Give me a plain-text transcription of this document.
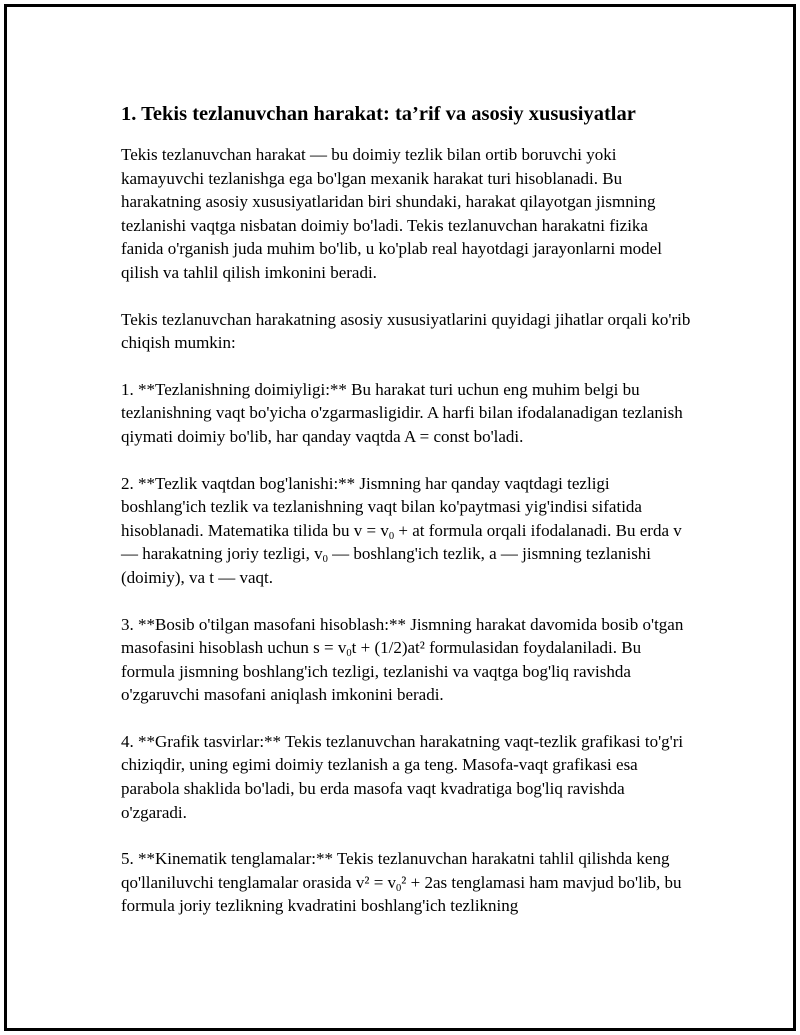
1. Tekis tezlanuvchan harakat: ta’rif va asosiy xususiyatlar

Tekis tezlanuvchan harakat — bu doimiy tezlik bilan ortib boruvchi yoki kamayuvchi tezlanishga ega bo'lgan mexanik harakat turi hisoblanadi. Bu harakatning asosiy xususiyatlaridan biri shundaki, harakat qilayotgan jismning tezlanishi vaqtga nisbatan doimiy bo'ladi. Tekis tezlanuvchan harakatni fizika fanida o'rganish juda muhim bo'lib, u ko'plab real hayotdagi jarayonlarni model qilish va tahlil qilish imkonini beradi.

Tekis tezlanuvchan harakatning asosiy xususiyatlarini quyidagi jihatlar orqali ko'rib chiqish mumkin:

1. **Tezlanishning doimiyligi:** Bu harakat turi uchun eng muhim belgi bu tezlanishning vaqt bo'yicha o'zgarmasligidir. A harfi bilan ifodalanadigan tezlanish qiymati doimiy bo'lib, har qanday vaqtda A = const bo'ladi.

2. **Tezlik vaqtdan bog'lanishi:** Jismning har qanday vaqtdagi tezligi boshlang'ich tezlik va tezlanishning vaqt bilan ko'paytmasi yig'indisi sifatida hisoblanadi. Matematika tilida bu $v = v_0$ + at formula orqali ifodalanadi. Bu erda v — harakatning joriy tezligi, $v_0$ — boshlang'ich tezlik, a — jismning tezlanishi (doimiy), va t — vaqt.

3. **Bosib o'tilgan masofani hisoblash:** Jismning harakat davomida bosib o'tgan masofasini hisoblash uchun $s = v_0t + (1/2)at^2$ formulasidan foydalaniladi. Bu formula jismning boshlang'ich tezligi, tezlanishi va vaqtga bog'liq ravishda o'zgaruvchi masofani aniqlash imkonini beradi.

4. **Grafik tasvirlar:** Tekis tezlanuvchan harakatning vaqt-tezlik grafikasi to'g'ri chiziqdir, uning egimi doimiy tezlanish a ga teng. Masofa-vaqt grafikasi esa parabola shaklida bo'ladi, bu erda masofa vaqt kvadratiga bog'liq ravishda o'zgaradi.

5. **Kinematik tenglamalar:** Tekis tezlanuvchan harakatni tahlil qilishda keng qo'llaniluvchi tenglamalar orasida $v^2 = v_0^2 + 2as$ tenglamasi ham mavjud bo'lib, bu formula joriy tezlikning kvadratini boshlang'ich tezlikning
